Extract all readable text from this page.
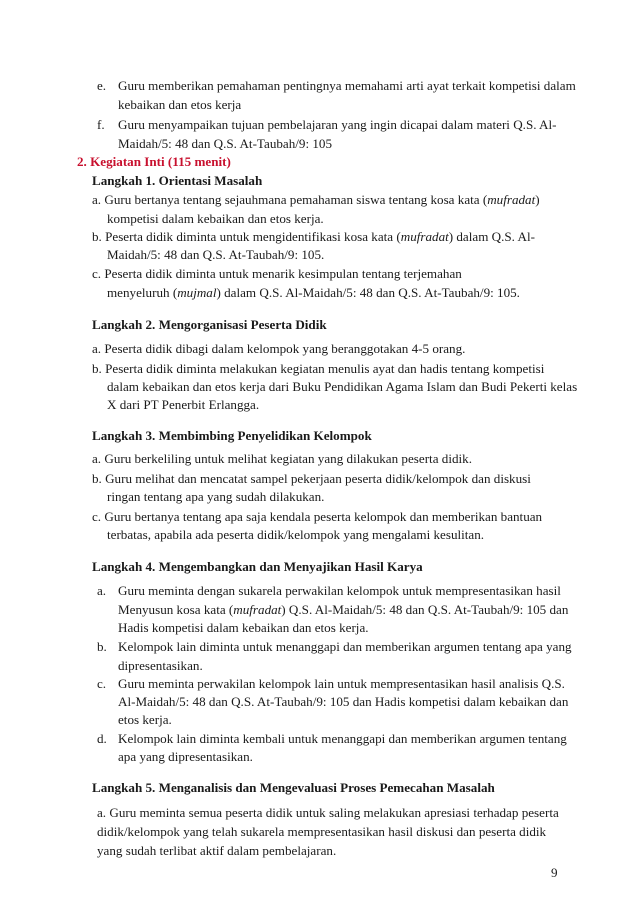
e. Guru memberikan pemahaman pentingnya memahami arti ayat terkait kompetisi dalam
kebaikan dan etos kerja
f. Guru menyampaikan tujuan pembelajaran yang ingin dicapai dalam materi Q.S. Al-
Maidah/5: 48 dan Q.S. At-Taubah/9: 105
2. Kegiatan Inti (115 menit)
Langkah 1. Orientasi Masalah
a. Guru bertanya tentang sejauhmana pemahaman siswa tentang kosa kata (mufradat)
kompetisi dalam kebaikan dan etos kerja.
b. Peserta didik diminta untuk mengidentifikasi kosa kata (mufradat) dalam Q.S. Al-
Maidah/5: 48 dan Q.S. At-Taubah/9: 105.
c. Peserta didik diminta untuk menarik kesimpulan tentang terjemahan
menyeluruh (mujmal) dalam Q.S. Al-Maidah/5: 48 dan Q.S. At-Taubah/9: 105.
Langkah 2. Mengorganisasi Peserta Didik
a. Peserta didik dibagi dalam kelompok yang beranggotakan 4-5 orang.
b. Peserta didik diminta melakukan kegiatan menulis ayat dan hadis tentang kompetisi
dalam kebaikan dan etos kerja dari Buku Pendidikan Agama Islam dan Budi Pekerti kelas
X dari PT Penerbit Erlangga.
Langkah 3. Membimbing Penyelidikan Kelompok
a. Guru berkeliling untuk melihat kegiatan yang dilakukan peserta didik.
b. Guru melihat dan mencatat sampel pekerjaan peserta didik/kelompok dan diskusi
ringan tentang apa yang sudah dilakukan.
c. Guru bertanya tentang apa saja kendala peserta kelompok dan memberikan bantuan
terbatas, apabila ada peserta didik/kelompok yang mengalami kesulitan.
Langkah 4. Mengembangkan dan Menyajikan Hasil Karya
a. Guru meminta dengan sukarela perwakilan kelompok untuk mempresentasikan hasil
Menyusun kosa kata (mufradat) Q.S. Al-Maidah/5: 48 dan Q.S. At-Taubah/9: 105 dan
Hadis kompetisi dalam kebaikan dan etos kerja.
b. Kelompok lain diminta untuk menanggapi dan memberikan argumen tentang apa yang
dipresentasikan.
c. Guru meminta perwakilan kelompok lain untuk mempresentasikan hasil analisis Q.S.
Al-Maidah/5: 48 dan Q.S. At-Taubah/9: 105 dan Hadis kompetisi dalam kebaikan dan
etos kerja.
d. Kelompok lain diminta kembali untuk menanggapi dan memberikan argumen tentang
apa yang dipresentasikan.
Langkah 5. Menganalisis dan Mengevaluasi Proses Pemecahan Masalah
a. Guru meminta semua peserta didik untuk saling melakukan apresiasi terhadap peserta
didik/kelompok yang telah sukarela mempresentasikan hasil diskusi dan peserta didik
yang sudah terlibat aktif dalam pembelajaran.
9
